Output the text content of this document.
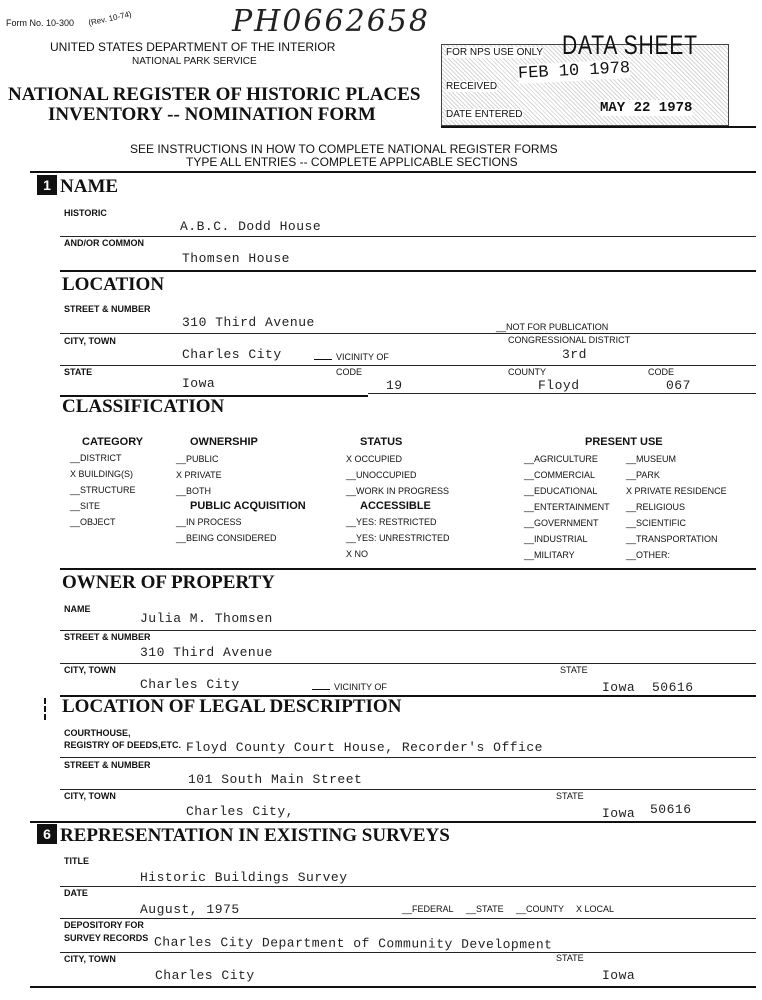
Form No. 10-300 (Rev. 10-74)	PH0662658
UNITED STATES DEPARTMENT OF THE INTERIOR
NATIONAL PARK SERVICE
NATIONAL REGISTER OF HISTORIC PLACES
INVENTORY -- NOMINATION FORM
DATA SHEET
FOR NPS USE ONLY
RECEIVED
FEB 10 1978
DATE ENTERED	MAY 22 1978
SEE INSTRUCTIONS IN HOW TO COMPLETE NATIONAL REGISTER FORMS
TYPE ALL ENTRIES -- COMPLETE APPLICABLE SECTIONS
1 NAME
HISTORIC
A.B.C. Dodd House
AND/OR COMMON
Thomsen House
LOCATION
STREET & NUMBER
310 Third Avenue	__NOT FOR PUBLICATION
CITY, TOWN	CONGRESSIONAL DISTRICT
Charles City	VICINITY OF	3rd
STATE	CODE	COUNTY	CODE
Iowa	19	Floyd	067
CLASSIFICATION
CATEGORY
__DISTRICT
X BUILDING(S)
__STRUCTURE
__SITE
__OBJECT
OWNERSHIP
__PUBLIC
X PRIVATE
__BOTH
PUBLIC ACQUISITION
__IN PROCESS
__BEING CONSIDERED
STATUS
X OCCUPIED
__UNOCCUPIED
__WORK IN PROGRESS
ACCESSIBLE
__YES: RESTRICTED
__YES: UNRESTRICTED
X NO
PRESENT USE
__AGRICULTURE
__COMMERCIAL
__EDUCATIONAL
__ENTERTAINMENT
__GOVERNMENT
__INDUSTRIAL
__MILITARY
__MUSEUM
__PARK
X PRIVATE RESIDENCE
__RELIGIOUS
__SCIENTIFIC
__TRANSPORTATION
__OTHER:
OWNER OF PROPERTY
NAME
Julia M. Thomsen
STREET & NUMBER
310 Third Avenue
CITY, TOWN	STATE
Charles City	VICINITY OF	Iowa 50616
LOCATION OF LEGAL DESCRIPTION
COURTHOUSE,
REGISTRY OF DEEDS,ETC. Floyd County Court House, Recorder's Office
STREET & NUMBER
101 South Main Street
CITY, TOWN	STATE
Charles City,	Iowa 50616
6 REPRESENTATION IN EXISTING SURVEYS
TITLE
Historic Buildings Survey
DATE
August, 1975	__FEDERAL __STATE __COUNTY X LOCAL
DEPOSITORY FOR
SURVEY RECORDS Charles City Department of Community Development
CITY, TOWN	STATE
Charles City	Iowa
